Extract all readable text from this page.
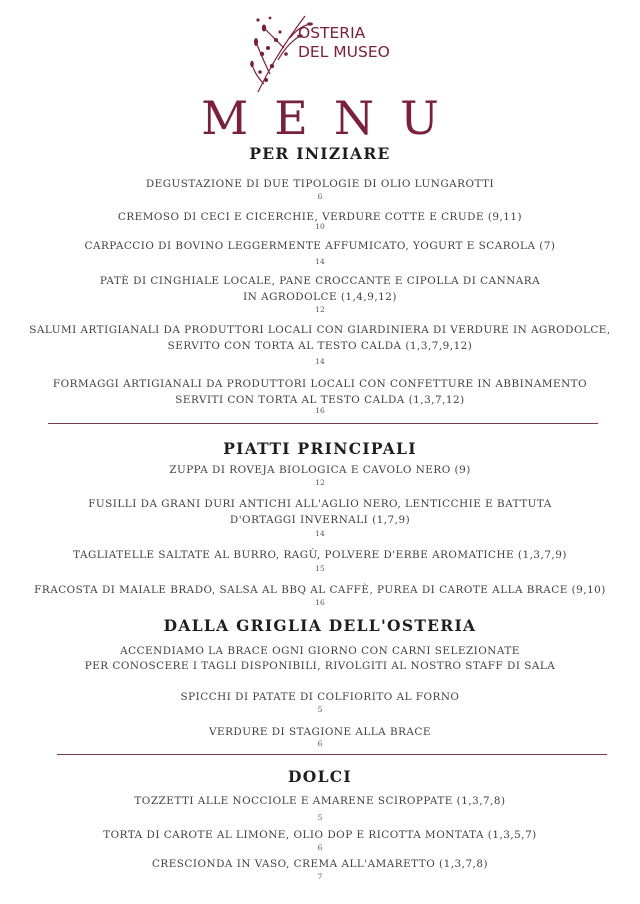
OSTERIA
DEL MUSEO
MENU
PER INIZIARE
DEGUSTAZIONE DI DUE TIPOLOGIE DI OLIO LUNGAROTTI
6
CREMOSO DI CECI E CICERCHIE, VERDURE COTTE E CRUDE (9,11)
10
CARPACCIO DI BOVINO LEGGERMENTE AFFUMICATO, YOGURT E SCAROLA (7)
14
PATÈ DI CINGHIALE LOCALE, PANE CROCCANTE E CIPOLLA DI CANNARA
IN AGRODOLCE (1,4,9,12)
12
SALUMI ARTIGIANALI DA PRODUTTORI LOCALI CON GIARDINIERA DI VERDURE IN AGRODOLCE,
SERVITO CON TORTA AL TESTO CALDA (1,3,7,9,12)
14
FORMAGGI ARTIGIANALI DA PRODUTTORI LOCALI CON CONFETTURE IN ABBINAMENTO
SERVITI CON TORTA AL TESTO CALDA (1,3,7,12)
16
PIATTI PRINCIPALI
ZUPPA DI ROVEJA BIOLOGICA E CAVOLO NERO (9)
12
FUSILLI DA GRANI DURI ANTICHI ALL'AGLIO NERO, LENTICCHIE E BATTUTA
D'ORTAGGI INVERNALI (1,7,9)
14
TAGLIATELLE SALTATE AL BURRO, RAGÙ, POLVERE D'ERBE AROMATICHE (1,3,7,9)
15
FRACOSTA DI MAIALE BRADO, SALSA AL BBQ AL CAFFÈ, PUREA DI CAROTE ALLA BRACE (9,10)
16
DALLA GRIGLIA DELL'OSTERIA
ACCENDIAMO LA BRACE OGNI GIORNO CON CARNI SELEZIONATE
PER CONOSCERE I TAGLI DISPONIBILI, RIVOLGITI AL NOSTRO STAFF DI SALA
SPICCHI DI PATATE DI COLFIORITO AL FORNO
5
VERDURE DI STAGIONE ALLA BRACE
6
DOLCI
TOZZETTI ALLE NOCCIOLE E AMARENE SCIROPPATE (1,3,7,8)
5
TORTA DI CAROTE AL LIMONE, OLIO DOP E RICOTTA MONTATA (1,3,5,7)
6
CRESCIONDA IN VASO, CREMA ALL'AMARETTO (1,3,7,8)
7
